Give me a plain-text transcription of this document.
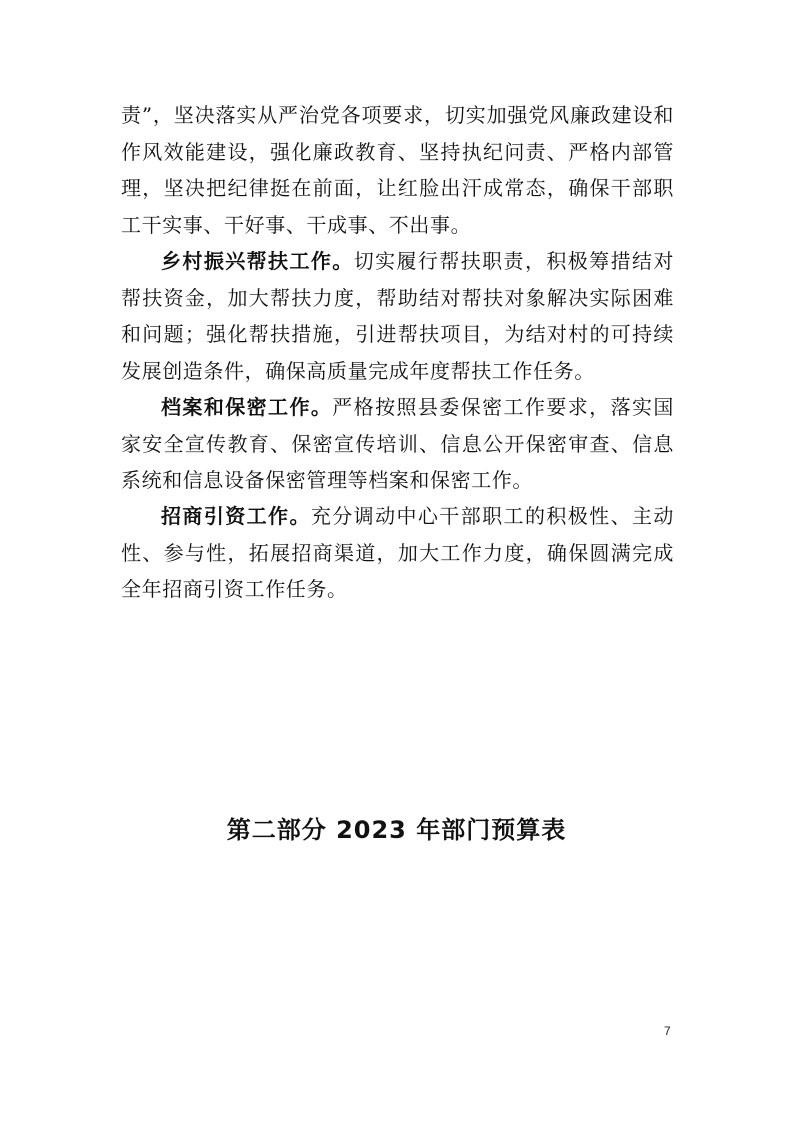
责”，坚决落实从严治党各项要求，切实加强党风廉政建设和作风效能建设，强化廉政教育、坚持执纪问责、严格内部管理，坚决把纪律挺在前面，让红脸出汗成常态，确保干部职工干实事、干好事、干成事、不出事。

乡村振兴帮扶工作。切实履行帮扶职责，积极筹措结对帮扶资金，加大帮扶力度，帮助结对帮扶对象解决实际困难和问题；强化帮扶措施，引进帮扶项目，为结对村的可持续发展创造条件，确保高质量完成年度帮扶工作任务。

档案和保密工作。严格按照县委保密工作要求，落实国家安全宣传教育、保密宣传培训、信息公开保密审查、信息系统和信息设备保密管理等档案和保密工作。

招商引资工作。充分调动中心干部职工的积极性、主动性、参与性，拓展招商渠道，加大工作力度，确保圆满完成全年招商引资工作任务。

第二部分 2023 年部门预算表
7
